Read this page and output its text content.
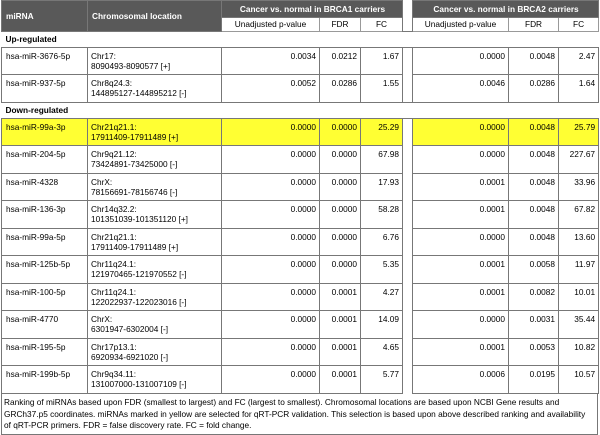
miRNA	Chromosomal location	Cancer vs. normal in BRCA1 carriers				Cancer vs. normal in BRCA2 carriers		
		Unadjusted p-value	FDR	FC		Unadjusted p-value	FDR	FC
Up-regulated								
hsa-miR-3676-5p	Chr17:
8090493-8090577 [+]	0.0034	0.0212	1.67		0.0000	0.0048	2.47
hsa-miR-937-5p	Chr8q24.3:
144895127-144895212 [-]	0.0052	0.0286	1.55		0.0046	0.0286	1.64
Down-regulated								
hsa-miR-99a-3p	Chr21q21.1:
17911409-17911489 [+]	0.0000	0.0000	25.29		0.0000	0.0048	25.79
hsa-miR-204-5p	Chr9q21.12:
73424891-73425000 [-]	0.0000	0.0000	67.98		0.0000	0.0048	227.67
hsa-miR-4328	ChrX:
78156691-78156746 [-]	0.0000	0.0000	17.93		0.0001	0.0048	33.96
hsa-miR-136-3p	Chr14q32.2:
101351039-101351120 [+]	0.0000	0.0000	58.28		0.0001	0.0048	67.82
hsa-miR-99a-5p	Chr21q21.1:
17911409-17911489 [+]	0.0000	0.0000	6.76		0.0000	0.0048	13.60
hsa-miR-125b-5p	Chr11q24.1:
121970465-121970552 [-]	0.0000	0.0000	5.35		0.0001	0.0058	11.97
hsa-miR-100-5p	Chr11q24.1:
122022937-122023016 [-]	0.0000	0.0001	4.27		0.0001	0.0082	10.01
hsa-miR-4770	ChrX:
6301947-6302004 [-]	0.0000	0.0001	14.09		0.0000	0.0031	35.44
hsa-miR-195-5p	Chr17p13.1:
6920934-6921020 [-]	0.0000	0.0001	4.65		0.0001	0.0053	10.82
hsa-miR-199b-5p	Chr9q34.11:
131007000-131007109 [-]	0.0000	0.0001	5.77		0.0006	0.0195	10.57
Ranking of miRNAs based upon FDR (smallest to largest) and FC (largest to smallest). Chromosomal locations are based upon NCBI Gene results and GRCh37.p5 coordinates. miRNAs marked in yellow are selected for qRT-PCR validation. This selection is based upon above described ranking and availability of qRT-PCR primers. FDR = false discovery rate. FC = fold change.
